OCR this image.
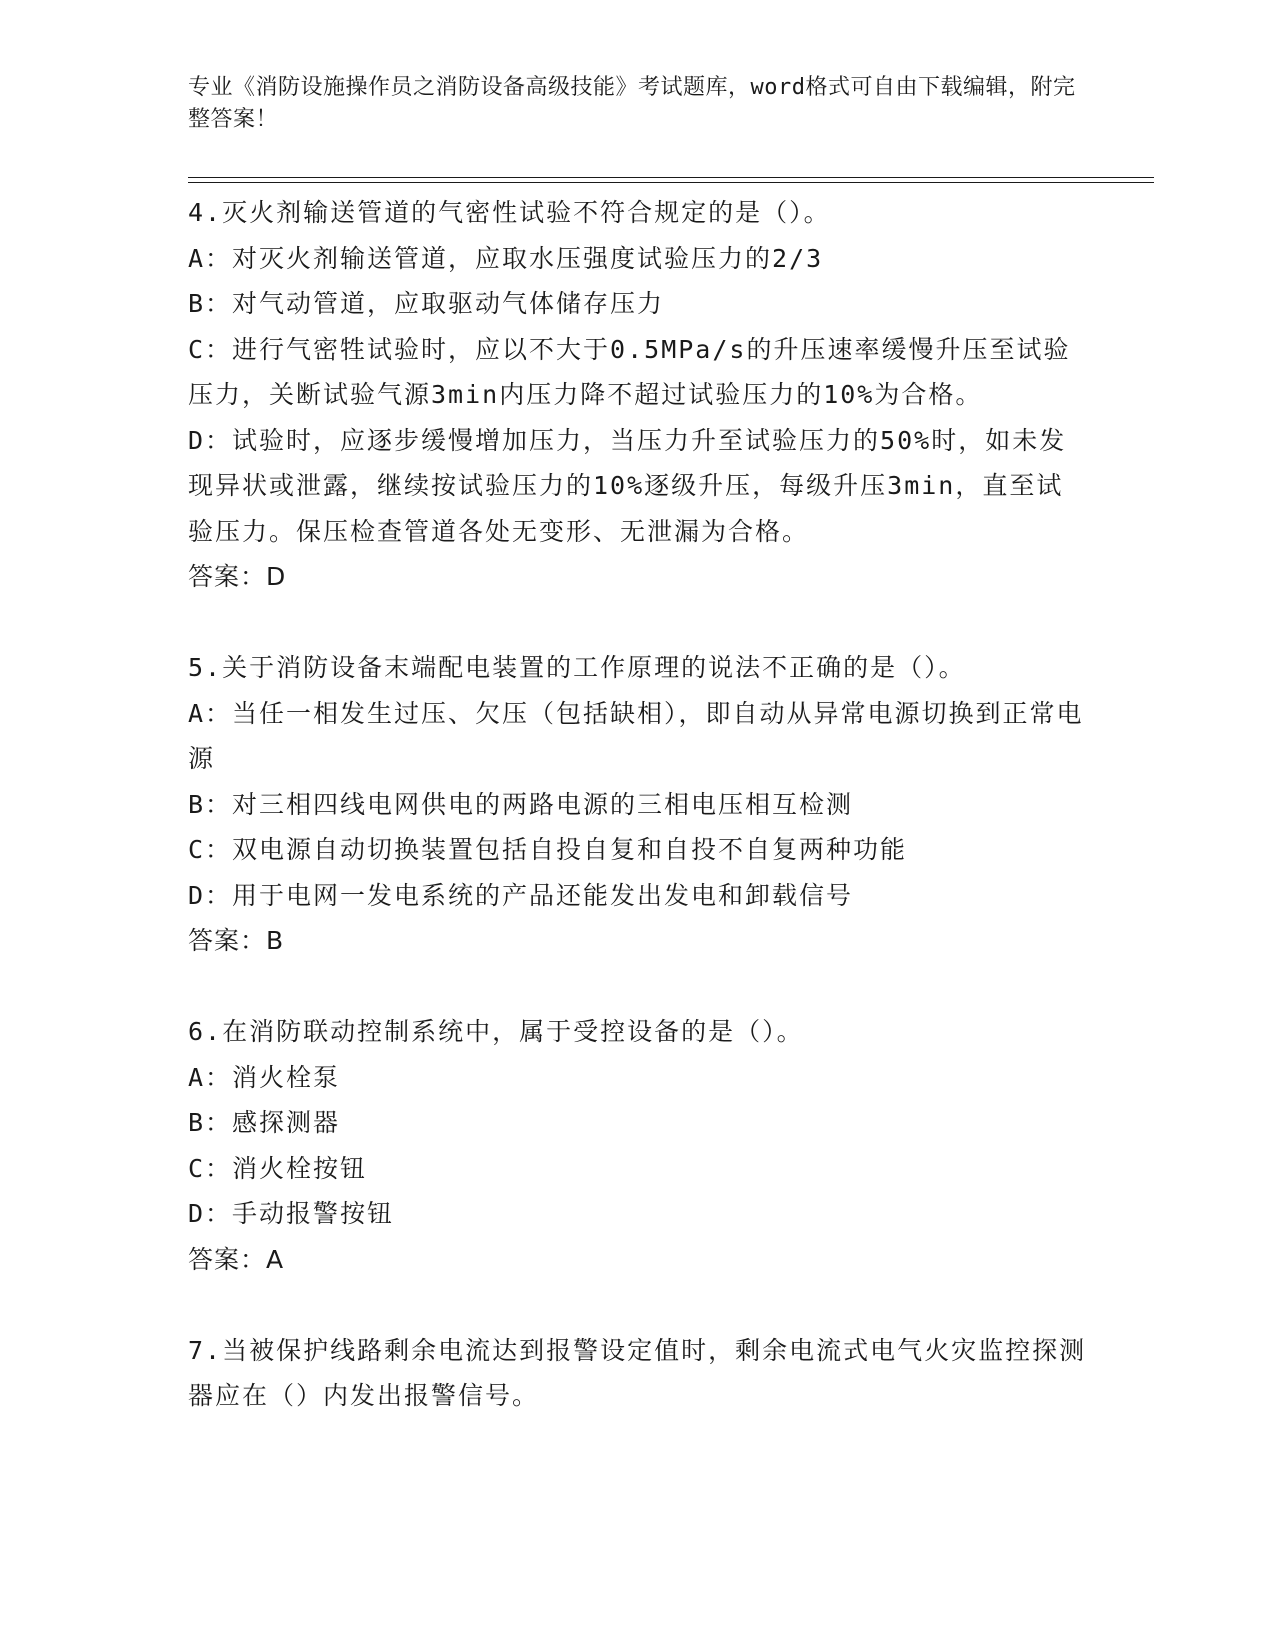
专业《消防设施操作员之消防设备高级技能》考试题库，word格式可自由下载编辑，附完整答案！

4.灭火剂输送管道的气密性试验不符合规定的是（）。

A：对灭火剂输送管道，应取水压强度试验压力的2/3

B：对气动管道，应取驱动气体储存压力

C：进行气密牲试验时，应以不大于0.5MPa/s的升压速率缓慢升压至试验压力，关断试验气源3min内压力降不超过试验压力的10%为合格。

D：试验时，应逐步缓慢增加压力，当压力升至试验压力的50%时，如未发现异状或泄露，继续按试验压力的10%逐级升压，每级升压3min，直至试验压力。保压检查管道各处无变形、无泄漏为合格。

答案：D

5.关于消防设备末端配电装置的工作原理的说法不正确的是（）。

A：当任一相发生过压、欠压（包括缺相），即自动从异常电源切换到正常电源

B：对三相四线电网供电的两路电源的三相电压相互检测

C：双电源自动切换装置包括自投自复和自投不自复两种功能

D：用于电网一发电系统的产品还能发出发电和卸载信号

答案：B

6.在消防联动控制系统中，属于受控设备的是（）。

A：消火栓泵

B：感探测器

C：消火栓按钮

D：手动报警按钮

答案：A

7.当被保护线路剩余电流达到报警设定值时，剩余电流式电气火灾监控探测器应在（）内发出报警信号。
